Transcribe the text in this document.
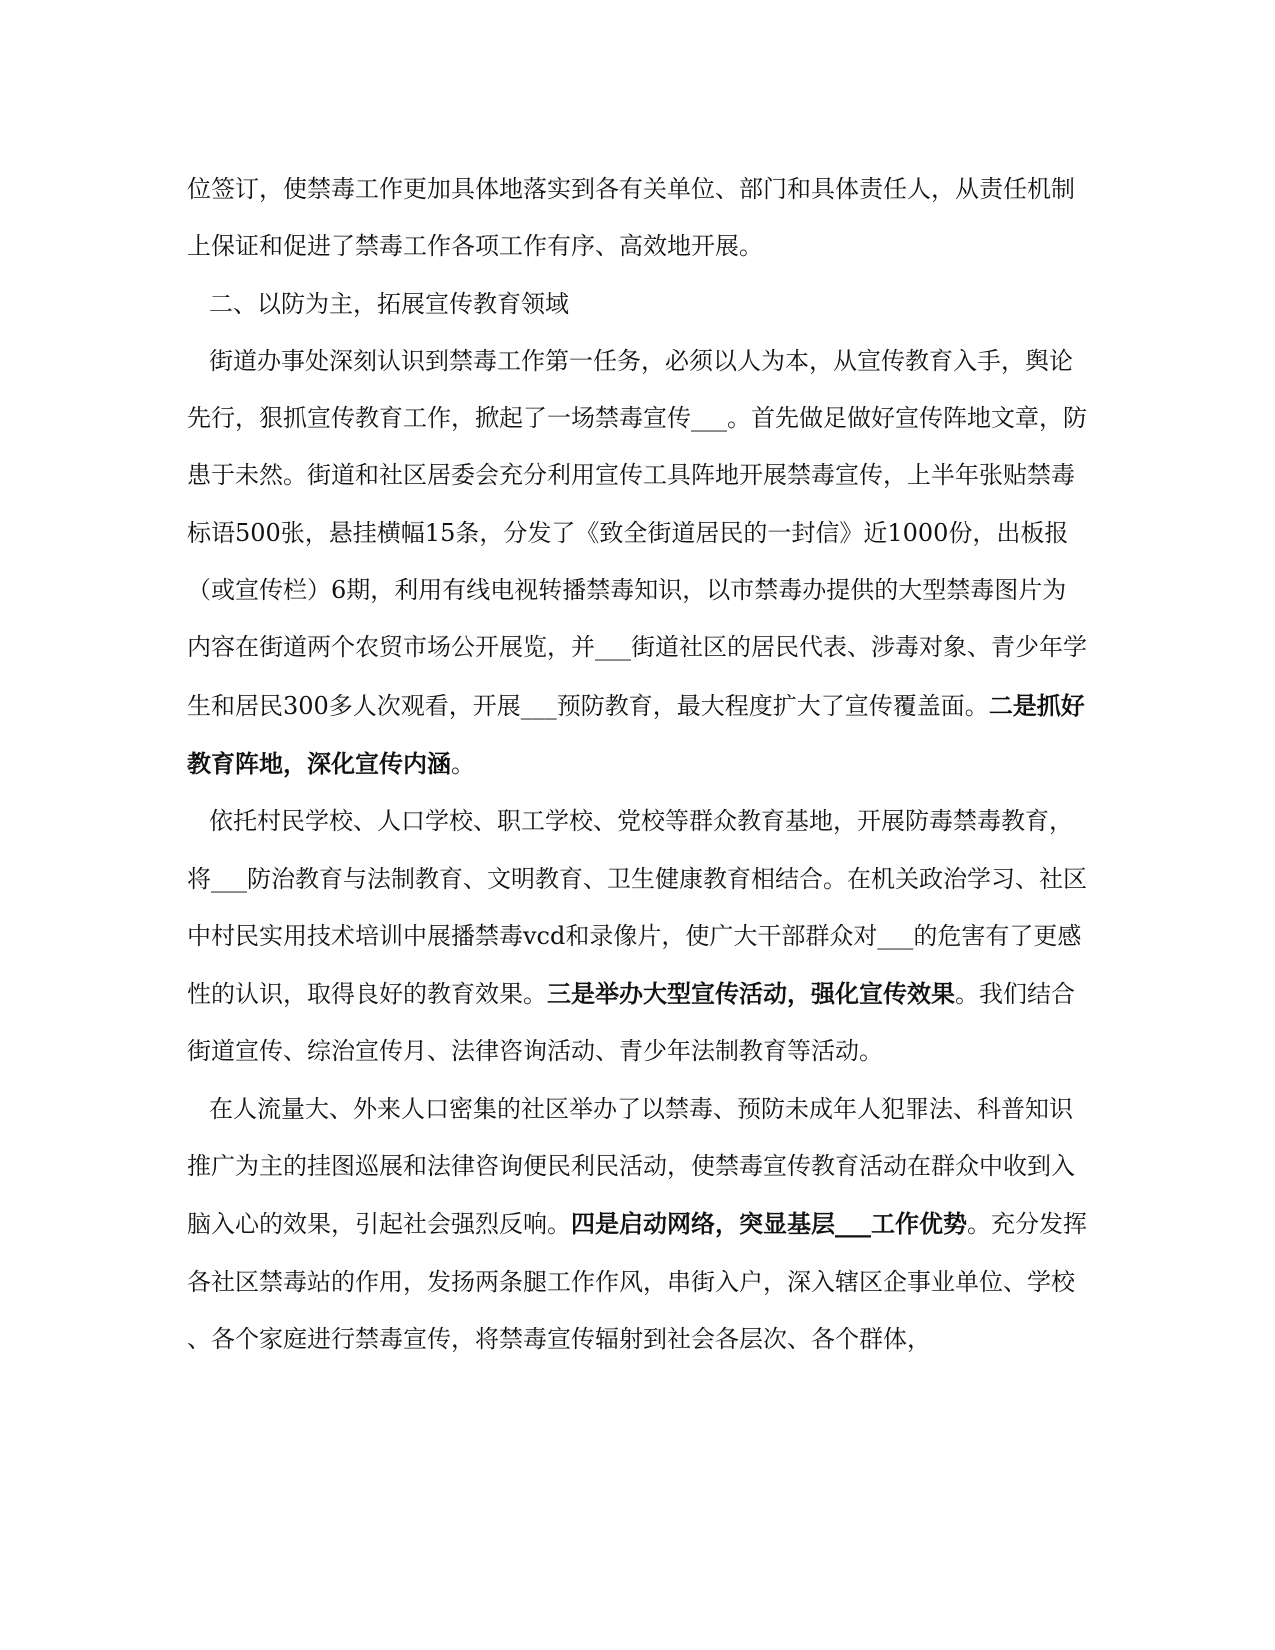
位签订，使禁毒工作更加具体地落实到各有关单位、部门和具体责任人，从责任机制上保证和促进了禁毒工作各项工作有序、高效地开展。

二、以防为主，拓展宣传教育领域

街道办事处深刻认识到禁毒工作第一任务，必须以人为本，从宣传教育入手，舆论先行，狠抓宣传教育工作，掀起了一场禁毒宣传___。首先做足做好宣传阵地文章，防患于未然。街道和社区居委会充分利用宣传工具阵地开展禁毒宣传，上半年张贴禁毒标语500张，悬挂横幅15条，分发了《致全街道居民的一封信》近1000份，出板报（或宣传栏）6期，利用有线电视转播禁毒知识，以市禁毒办提供的大型禁毒图片为内容在街道两个农贸市场公开展览，并___街道社区的居民代表、涉毒对象、青少年学生和居民300多人次观看，开展___预防教育，最大程度扩大了宣传覆盖面。二是抓好教育阵地，深化宣传内涵。

依托村民学校、人口学校、职工学校、党校等群众教育基地，开展防毒禁毒教育，将___防治教育与法制教育、文明教育、卫生健康教育相结合。在机关政治学习、社区中村民实用技术培训中展播禁毒vcd和录像片，使广大干部群众对___的危害有了更感性的认识，取得良好的教育效果。三是举办大型宣传活动，强化宣传效果。我们结合街道宣传、综治宣传月、法律咨询活动、青少年法制教育等活动。

在人流量大、外来人口密集的社区举办了以禁毒、预防未成年人犯罪法、科普知识推广为主的挂图巡展和法律咨询便民利民活动，使禁毒宣传教育活动在群众中收到入脑入心的效果，引起社会强烈反响。四是启动网络，突显基层___工作优势。充分发挥各社区禁毒站的作用，发扬两条腿工作作风，串街入户，深入辖区企事业单位、学校、各个家庭进行禁毒宣传，将禁毒宣传辐射到社会各层次、各个群体，
